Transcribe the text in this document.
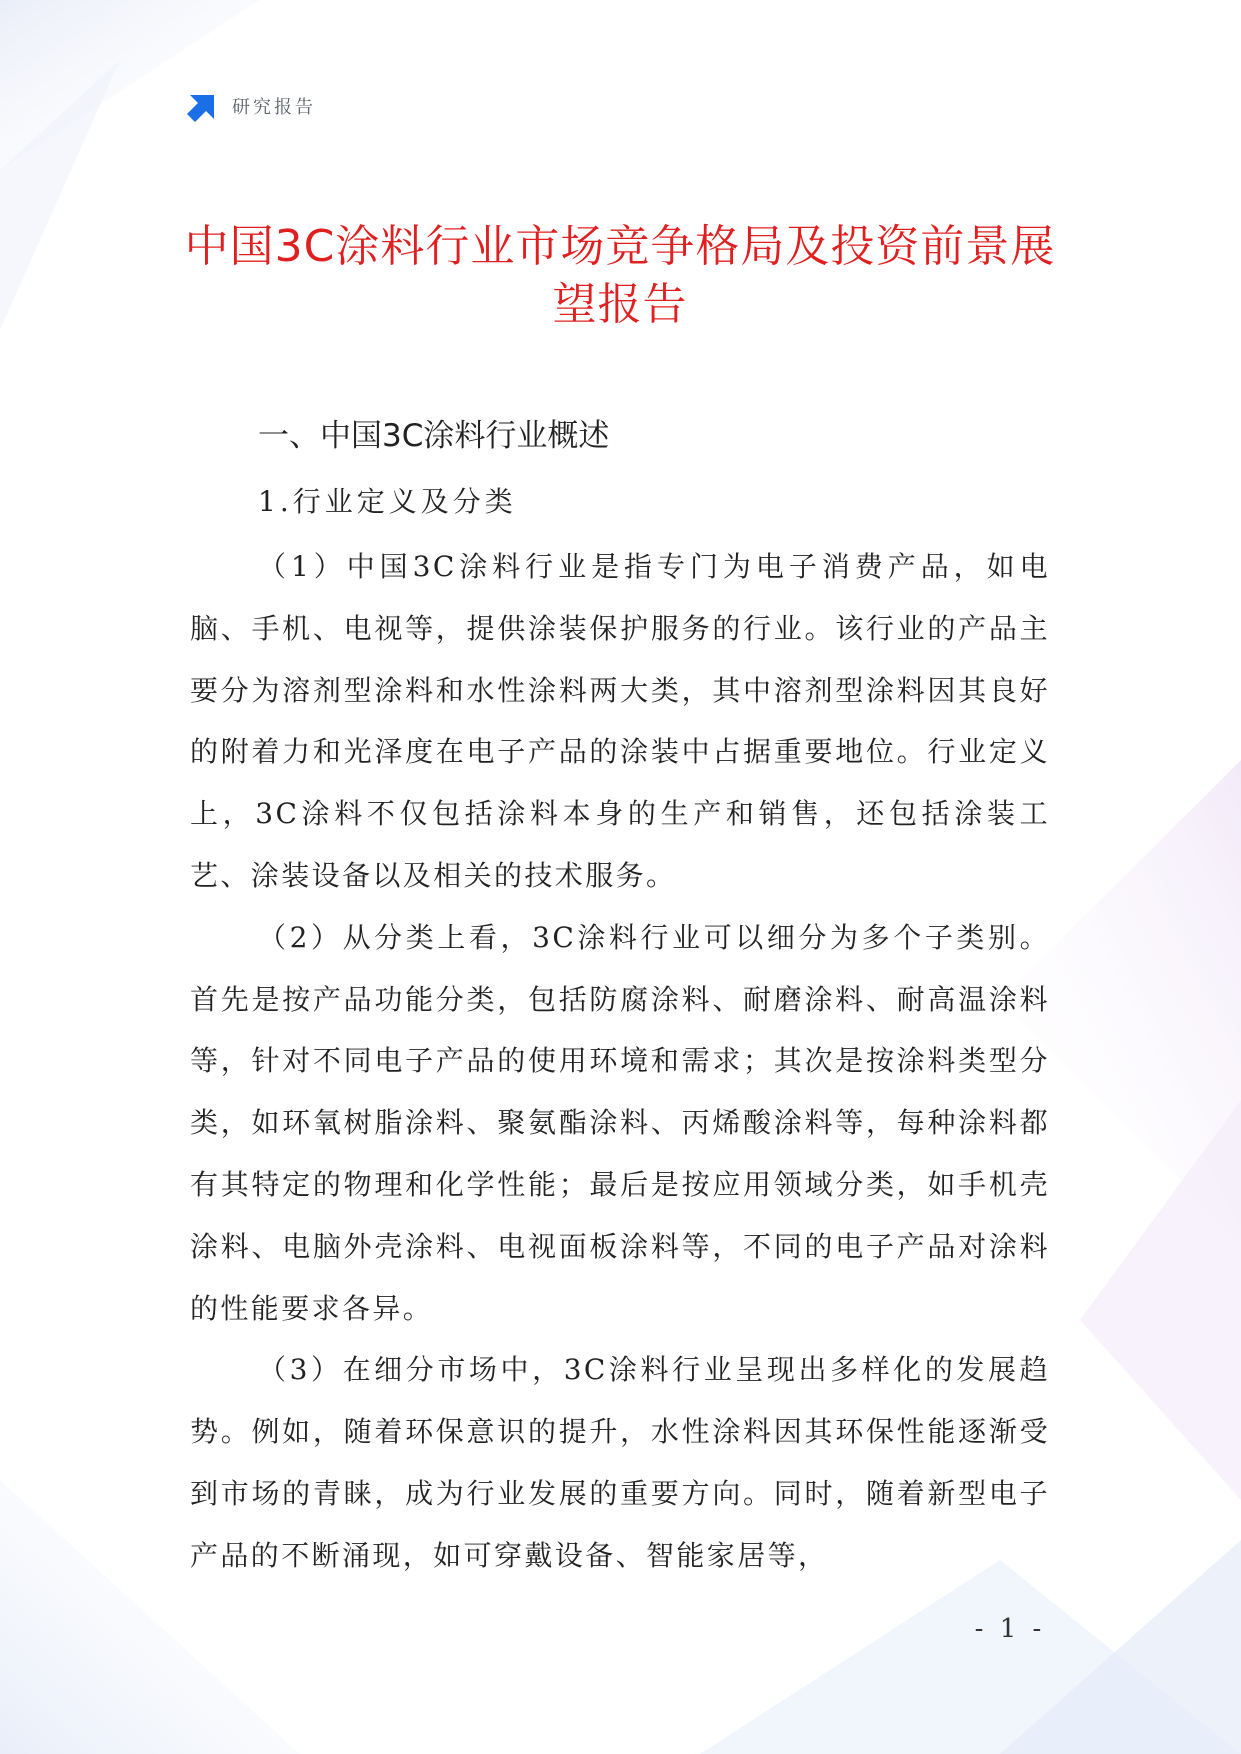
研究报告
中国3C涂料行业市场竞争格局及投资前景展望报告
一、中国3C涂料行业概述
1.行业定义及分类

（1）中国3C涂料行业是指专门为电子消费产品，如电脑、手机、电视等，提供涂装保护服务的行业。该行业的产品主要分为溶剂型涂料和水性涂料两大类，其中溶剂型涂料因其良好的附着力和光泽度在电子产品的涂装中占据重要地位。行业定义上，3C涂料不仅包括涂料本身的生产和销售，还包括涂装工艺、涂装设备以及相关的技术服务。

（2）从分类上看，3C涂料行业可以细分为多个子类别。首先是按产品功能分类，包括防腐涂料、耐磨涂料、耐高温涂料等，针对不同电子产品的使用环境和需求；其次是按涂料类型分类，如环氧树脂涂料、聚氨酯涂料、丙烯酸涂料等，每种涂料都有其特定的物理和化学性能；最后是按应用领域分类，如手机壳涂料、电脑外壳涂料、电视面板涂料等，不同的电子产品对涂料的性能要求各异。

（3）在细分市场中，3C涂料行业呈现出多样化的发展趋势。例如，随着环保意识的提升，水性涂料因其环保性能逐渐受到市场的青睐，成为行业发展的重要方向。同时，随着新型电子产品的不断涌现，如可穿戴设备、智能家居等，

- 1 -
